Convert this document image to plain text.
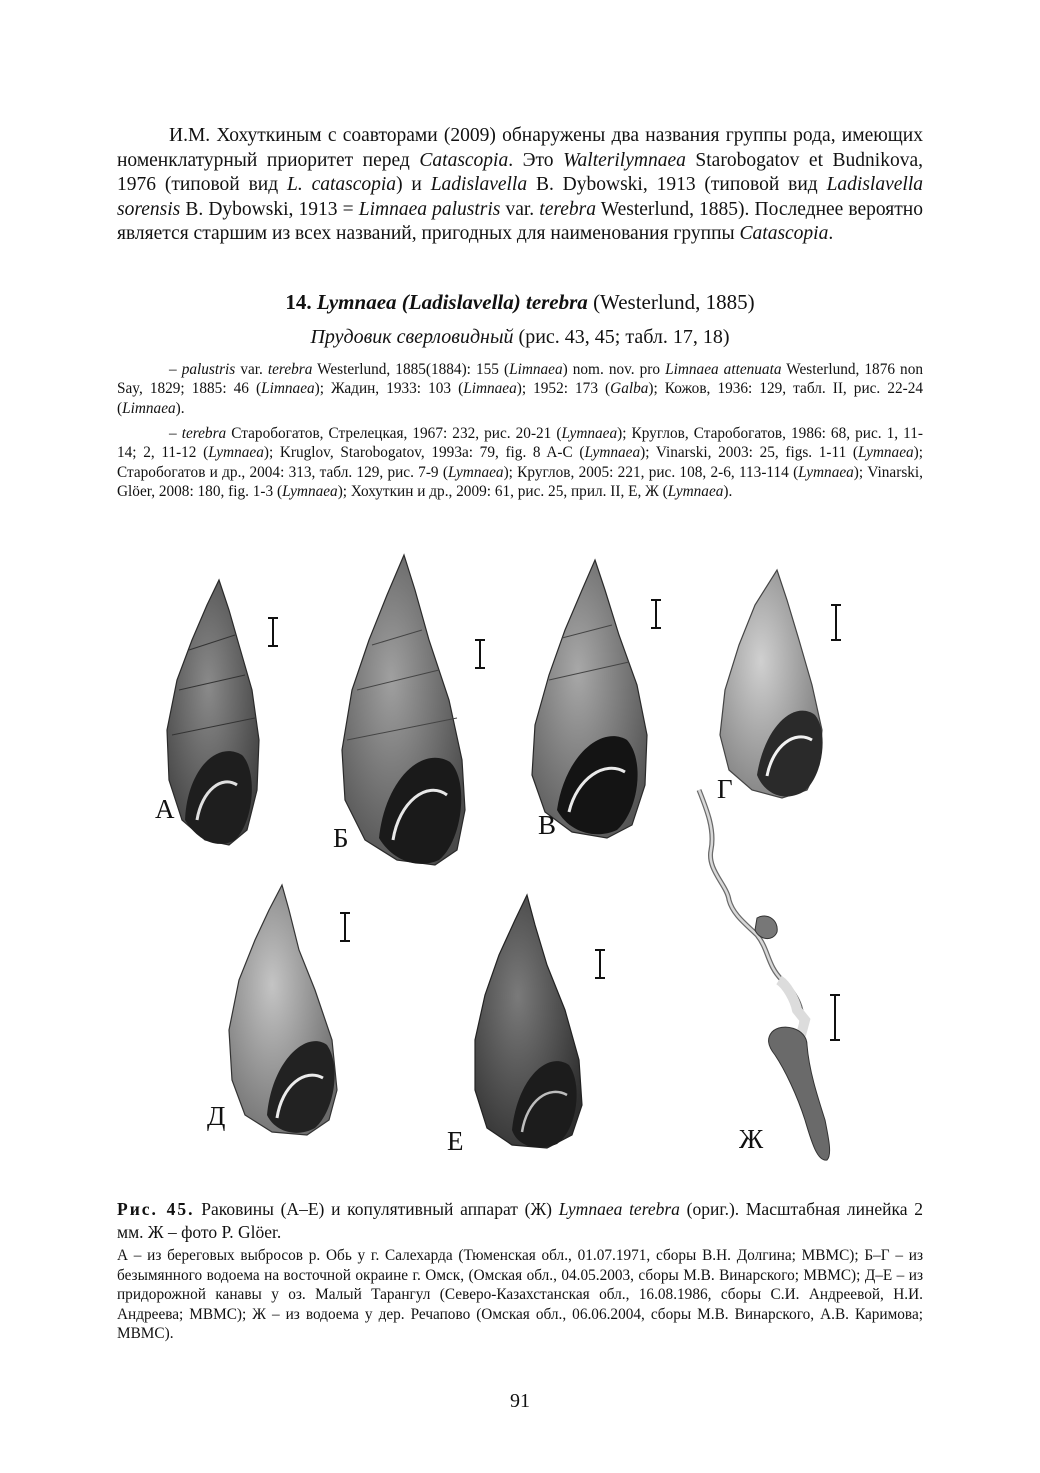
И.М. Хохуткиным с соавторами (2009) обнаружены два названия группы рода, имеющих номенклатурный приоритет перед Catascopia. Это Walterilymnaea Starobogatov et Budnikova, 1976 (типовой вид L. catascopia) и Ladislavella B. Dybowski, 1913 (типовой вид Ladislavella sorensis B. Dybowski, 1913 = Limnaea palustris var. terebra Westerlund, 1885). Последнее вероятно является старшим из всех названий, пригодных для наименования группы Catascopia.
14. Lymnaea (Ladislavella) terebra (Westerlund, 1885)
Прудовик сверловидный (рис. 43, 45; табл. 17, 18)
– palustris var. terebra Westerlund, 1885(1884): 155 (Limnaea) nom. nov. pro Limnaea attenuata Westerlund, 1876 non Say, 1829; 1885: 46 (Limnaea); Жадин, 1933: 103 (Limnaea); 1952: 173 (Galba); Кожов, 1936: 129, табл. II, рис. 22-24 (Limnaea).
– terebra Старобогатов, Стрелецкая, 1967: 232, рис. 20-21 (Lymnaea); Круглов, Старобогатов, 1986: 68, рис. 1, 11-14; 2, 11-12 (Lymnaea); Kruglov, Starobogatov, 1993a: 79, fig. 8 A-C (Lymnaea); Vinarski, 2003: 25, figs. 1-11 (Lymnaea); Старобогатов и др., 2004: 313, табл. 129, рис. 7-9 (Lymnaea); Круглов, 2005: 221, рис. 108, 2-6, 113-114 (Lymnaea); Vinarski, Glöer, 2008: 180, fig. 1-3 (Lymnaea); Хохуткин и др., 2009: 61, рис. 25, прил. II, Е, Ж (Lymnaea).
А
Б	В
Г
Д
Е	Ж
Рис. 45. Раковины (А–Е) и копулятивный аппарат (Ж) Lymnaea terebra (ориг.). Масштабная линейка 2 мм. Ж – фото P. Glöer.
А – из береговых выбросов р. Обь у г. Салехарда (Тюменская обл., 01.07.1971, сборы В.Н. Долгина; МВМС); Б–Г – из безымянного водоема на восточной окраине г. Омск, (Омская обл., 04.05.2003, сборы М.В. Винарского; МВМС); Д–Е – из придорожной канавы у оз. Малый Тарангул (Северо-Казахстанская обл., 16.08.1986, сборы С.И. Андреевой, Н.И. Андреева; МВМС); Ж – из водоема у дер. Речапово (Омская обл., 06.06.2004, сборы М.В. Винарского, А.В. Каримова; МВМС).
91
